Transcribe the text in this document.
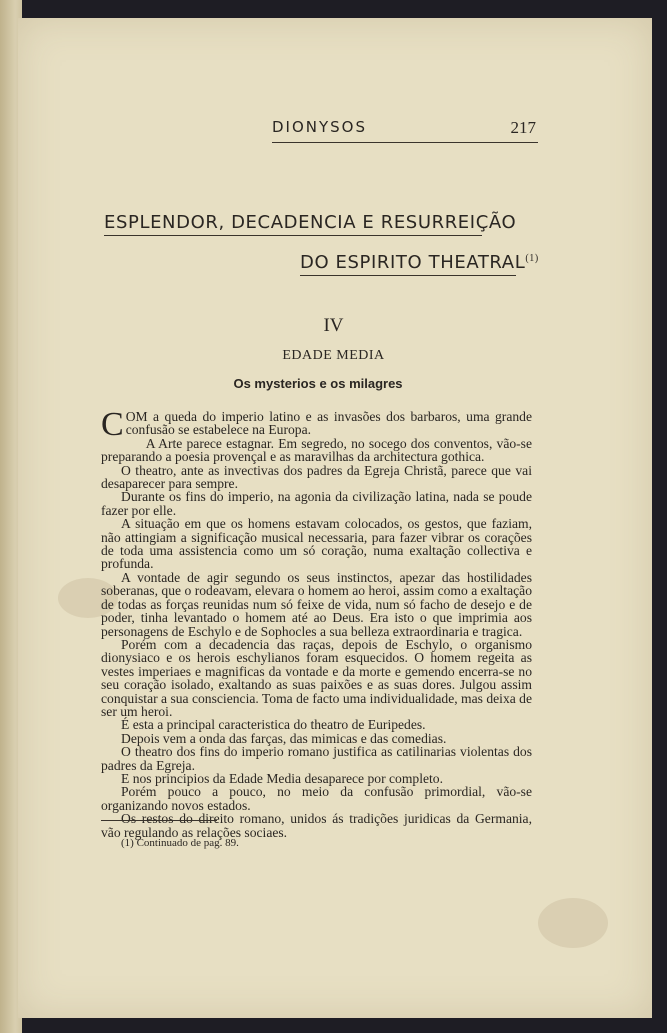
DIONYSOS	217
ESPLENDOR, DECADENCIA E RESURREIÇÃO
DO ESPIRITO THEATRAL$^{(1)}$
IV
EDADE MEDIA
Os mysterios e os milagres

COM a queda do imperio latino e as invasões dos barbaros, uma grande confusão se estabelece na Europa.

A Arte parece estagnar. Em segredo, no socego dos conventos, vão-se preparando a poesia provençal e as maravilhas da architectura gothica.

O theatro, ante as invectivas dos padres da Egreja Christã, parece que vai desaparecer para sempre.

Durante os fins do imperio, na agonia da civilização latina, nada se poude fazer por elle.

A situação em que os homens estavam colocados, os gestos, que faziam, não attingiam a significação musical necessaria, para fazer vibrar os corações de toda uma assistencia como um só coração, numa exaltação collectiva e profunda.

A vontade de agir segundo os seus instinctos, apezar das hostilidades soberanas, que o rodeavam, elevara o homem ao heroi, assim como a exaltação de todas as forças reunidas num só feixe de vida, num só facho de desejo e de poder, tinha levantado o homem até ao Deus. Era isto o que imprimia aos personagens de Eschylo e de Sophocles a sua belleza extraordinaria e tragica.

Porém com a decadencia das raças, depois de Eschylo, o organismo dionysiaco e os herois eschylianos foram esquecidos. O homem regeita as vestes imperiaes e magnificas da vontade e da morte e gemendo encerra-se no seu coração isolado, exaltando as suas paixões e as suas dores. Julgou assim conquistar a sua consciencia. Toma de facto uma individualidade, mas deixa de ser um heroi.

É esta a principal caracteristica do theatro de Euripedes.

Depois vem a onda das farças, das mimicas e das comedias.

O theatro dos fins do imperio romano justifica as catilinarias violentas dos padres da Egreja.

E nos principios da Edade Media desaparece por completo.

Porém pouco a pouco, no meio da confusão primordial, vão-se organizando novos estados.

Os restos do direito romano, unidos ás tradições juridicas da Germania, vão regulando as relações sociaes.

(1) Continuado de pag. 89.
